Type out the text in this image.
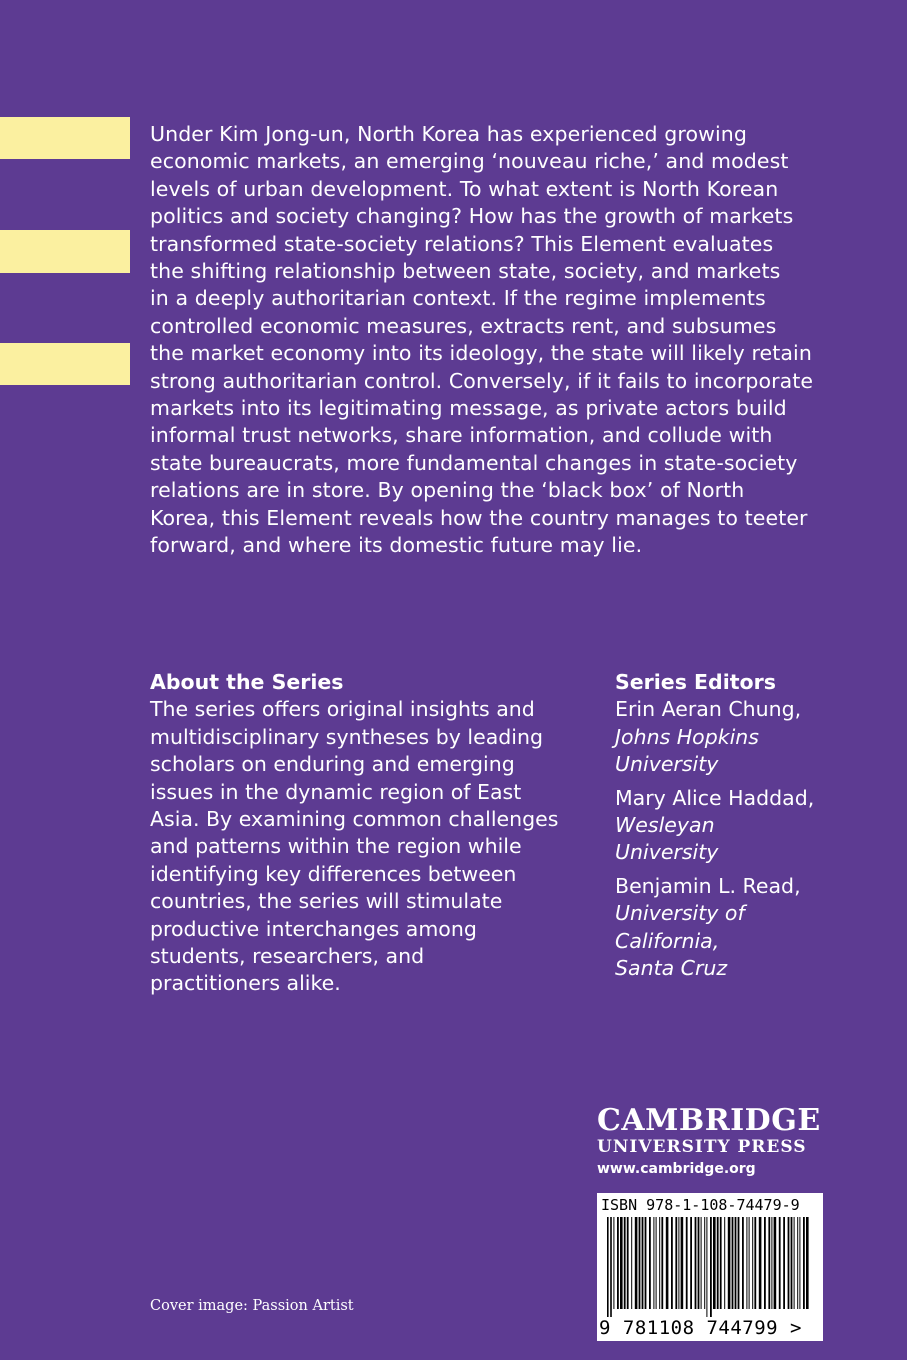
Under Kim Jong-un, North Korea has experienced growing
economic markets, an emerging ‘nouveau riche,’ and modest
levels of urban development. To what extent is North Korean
politics and society changing? How has the growth of markets
transformed state-society relations? This Element evaluates
the shifting relationship between state, society, and markets
in a deeply authoritarian context. If the regime implements
controlled economic measures, extracts rent, and subsumes
the market economy into its ideology, the state will likely retain
strong authoritarian control. Conversely, if it fails to incorporate
markets into its legitimating message, as private actors build
informal trust networks, share information, and collude with
state bureaucrats, more fundamental changes in state-society
relations are in store. By opening the ‘black box’ of North
Korea, this Element reveals how the country manages to teeter
forward, and where its domestic future may lie.
About the Series
The series offers original insights and
multidisciplinary syntheses by leading
scholars on enduring and emerging
issues in the dynamic region of East
Asia. By examining common challenges
and patterns within the region while
identifying key differences between
countries, the series will stimulate
productive interchanges among
students, researchers, and
practitioners alike.
Series Editors
Erin Aeran Chung,
Johns Hopkins
University
Mary Alice Haddad,
Wesleyan
University
Benjamin L. Read,
University of
California,
Santa Cruz
CAMBRIDGE
UNIVERSITY PRESS
www.cambridge.org
ISBN 978-1-108-74479-9
9 781108 744799 >
Cover image: Passion Artist
